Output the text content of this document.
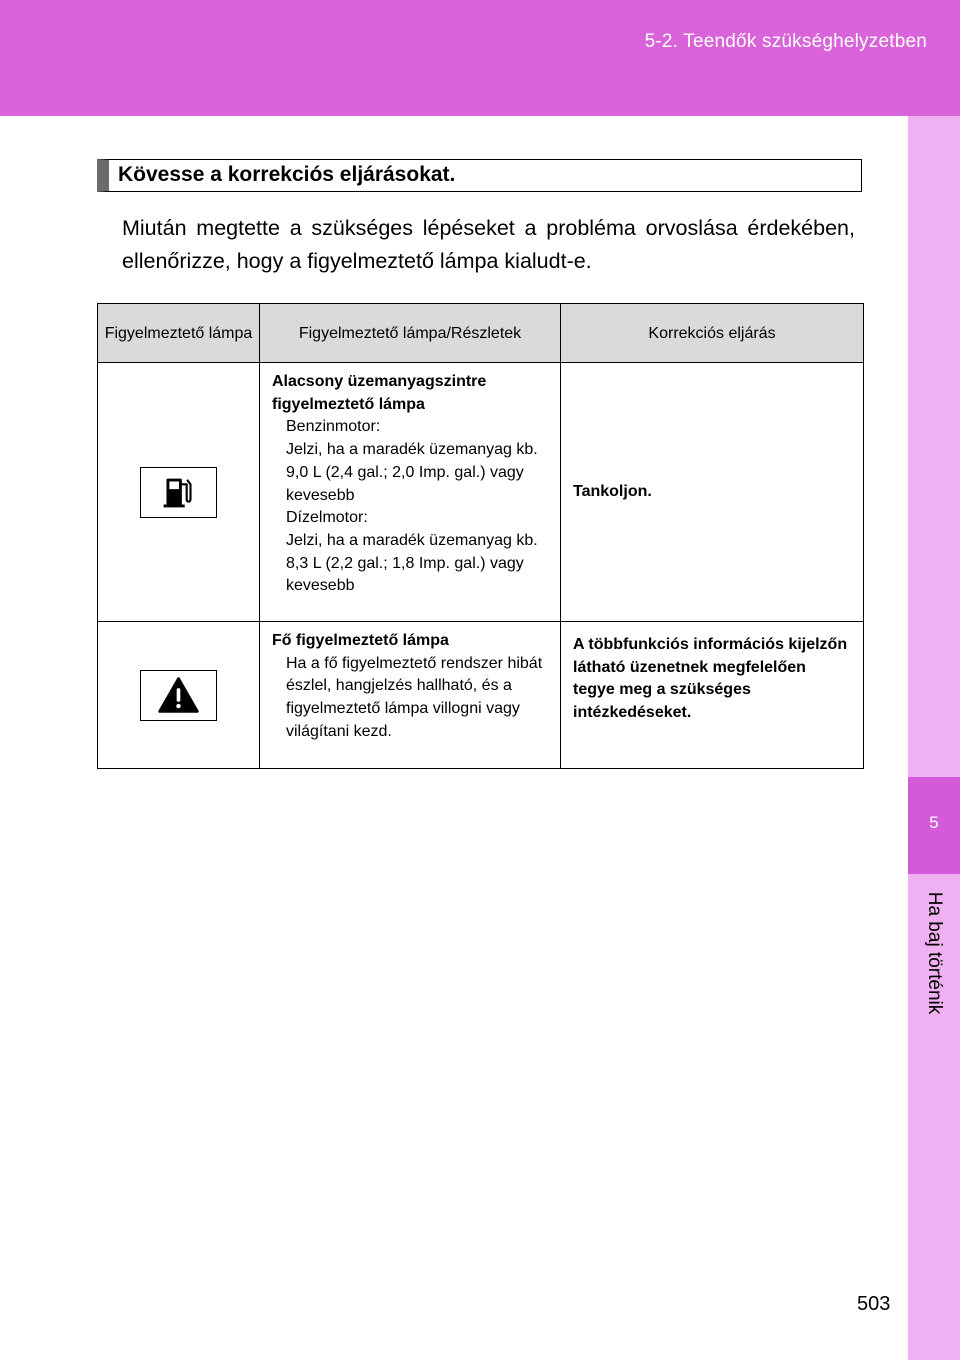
5-2. Teendők szükséghelyzetben
5
Ha baj történik
Kövesse a korrekciós eljárásokat.

Miután megtette a szükséges lépéseket a probléma orvoslása érdekében, ellenőrizze, hogy a figyelmeztető lámpa kialudt-e.

Figyelmeztető lámpa	Figyelmeztető lámpa/Részletek	Korrekciós eljárás

Alacsony üzemanyagszintre figyelmeztető lámpa
Benzinmotor:
Jelzi, ha a maradék üzemanyag kb. 9,0 L (2,4 gal.; 2,0 Imp. gal.) vagy kevesebb
Dízelmotor:
Jelzi, ha a maradék üzemanyag kb. 8,3 L (2,2 gal.; 1,8 Imp. gal.) vagy kevesebb	Tankoljon.

Fő figyelmeztető lámpa
Ha a fő figyelmeztető rendszer hibát észlel, hangjelzés hallható, és a figyelmeztető lámpa villogni vagy világítani kezd.	A többfunkciós információs kijelzőn látható üzenetnek megfelelően tegye meg a szükséges intézkedéseket.
503
